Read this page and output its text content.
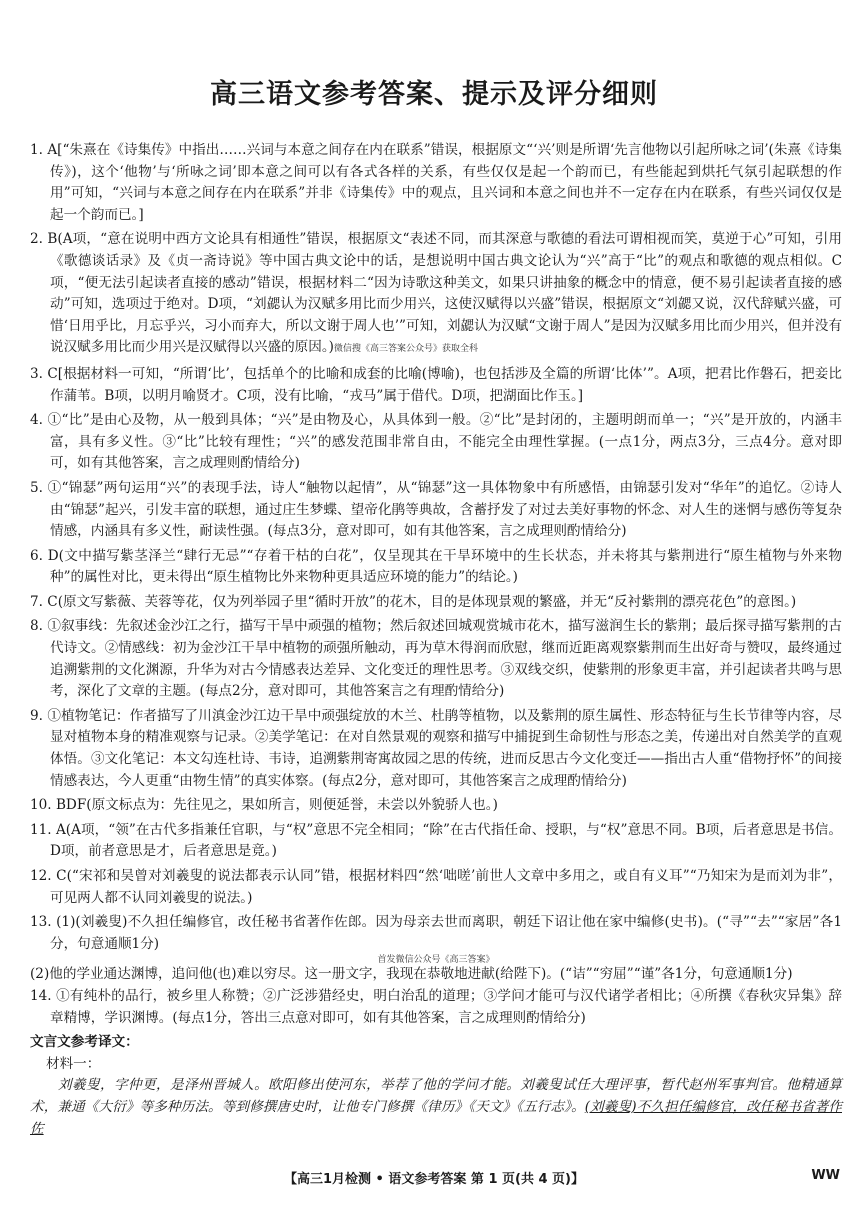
高三语文参考答案、提示及评分细则

1. A[“朱熹在《诗集传》中指出……兴词与本意之间存在内在联系”错误，根据原文“‘兴’则是所谓‘先言他物以引起所咏之词’(朱熹《诗集传》)，这个‘他物’与‘所咏之词’即本意之间可以有各式各样的关系，有些仅仅是起一个韵而已，有些能起到烘托气氛引起联想的作用”可知，“兴词与本意之间存在内在联系”并非《诗集传》中的观点，且兴词和本意之间也并不一定存在内在联系，有些兴词仅仅是起一个韵而已。]

2. B(A项，“意在说明中西方文论具有相通性”错误，根据原文“表述不同，而其深意与歌德的看法可谓相视而笑，莫逆于心”可知，引用《歌德谈话录》及《贞一斋诗说》等中国古典文论中的话，是想说明中国古典文论认为“兴”高于“比”的观点和歌德的观点相似。C项，“便无法引起读者直接的感动”错误，根据材料二“因为诗歌这种美文，如果只讲抽象的概念中的情意，便不易引起读者直接的感动”可知，选项过于绝对。D项，“刘勰认为汉赋多用比而少用兴，这使汉赋得以兴盛”错误，根据原文“刘勰又说，汉代辞赋兴盛，可惜‘日用乎比，月忘乎兴，习小而弃大，所以文谢于周人也’”可知，刘勰认为汉赋“文谢于周人”是因为汉赋多用比而少用兴，但并没有说汉赋多用比而少用兴是汉赋得以兴盛的原因。)微信搜《高三答案公众号》获取全科

3. C[根据材料一可知，“所谓‘比’，包括单个的比喻和成套的比喻(博喻)，也包括涉及全篇的所谓‘比体’”。A项，把君比作磐石，把妾比作蒲苇。B项，以明月喻贤才。C项，没有比喻，“戎马”属于借代。D项，把湖面比作玉。]

4. ①“比”是由心及物，从一般到具体；“兴”是由物及心，从具体到一般。②“比”是封闭的，主题明朗而单一；“兴”是开放的，内涵丰富，具有多义性。③“比”比较有理性；“兴”的感发范围非常自由，不能完全由理性掌握。(一点1分，两点3分，三点4分。意对即可，如有其他答案，言之成理则酌情给分)

5. ①“锦瑟”两句运用“兴”的表现手法，诗人“触物以起情”，从“锦瑟”这一具体物象中有所感悟，由锦瑟引发对“华年”的追忆。②诗人由“锦瑟”起兴，引发丰富的联想，通过庄生梦蝶、望帝化鹃等典故，含蓄抒发了对过去美好事物的怀念、对人生的迷惘与感伤等复杂情感，内涵具有多义性，耐读性强。(每点3分，意对即可，如有其他答案，言之成理则酌情给分)

6. D(文中描写紫茎泽兰“肆行无忌”“存着干枯的白花”，仅呈现其在干旱环境中的生长状态，并未将其与紫荆进行“原生植物与外来物种”的属性对比，更未得出“原生植物比外来物种更具适应环境的能力”的结论。)

7. C(原文写紫薇、芙蓉等花，仅为列举园子里“循时开放”的花木，目的是体现景观的繁盛，并无“反衬紫荆的漂亮花色”的意图。)

8. ①叙事线：先叙述金沙江之行，描写干旱中顽强的植物；然后叙述回城观赏城市花木，描写滋润生长的紫荆；最后探寻描写紫荆的古代诗文。②情感线：初为金沙江干旱中植物的顽强所触动，再为草木得润而欣慰，继而近距离观察紫荆而生出好奇与赞叹，最终通过追溯紫荆的文化渊源，升华为对古今情感表达差异、文化变迁的理性思考。③双线交织，使紫荆的形象更丰富，并引起读者共鸣与思考，深化了文章的主题。(每点2分，意对即可，其他答案言之有理酌情给分)

9. ①植物笔记：作者描写了川滇金沙江边干旱中顽强绽放的木兰、杜鹃等植物，以及紫荆的原生属性、形态特征与生长节律等内容，尽显对植物本身的精准观察与记录。②美学笔记：在对自然景观的观察和描写中捕捉到生命韧性与形态之美，传递出对自然美学的直观体悟。③文化笔记：本文勾连杜诗、韦诗，追溯紫荆寄寓故园之思的传统，进而反思古今文化变迁——指出古人重“借物抒怀”的间接情感表达，今人更重“由物生情”的真实体察。(每点2分，意对即可，其他答案言之成理酌情给分)

10. BDF(原文标点为：先往见之，果如所言，则便延誉，未尝以外貌骄人也。)

11. A(A项，“领”在古代多指兼任官职，与“权”意思不完全相同；“除”在古代指任命、授职，与“权”意思不同。B项，后者意思是书信。D项，前者意思是才，后者意思是竟。)

12. C(“宋祁和吴曾对刘羲叟的说法都表示认同”错，根据材料四“然‘咄嗟’前世人文章中多用之，或自有义耳”“乃知宋为是而刘为非”，可见两人都不认同刘羲叟的说法。)

13. (1)(刘羲叟)不久担任编修官，改任秘书省著作佐郎。因为母亲去世而离职，朝廷下诏让他在家中编修(史书)。(“寻”“去”“家居”各1分，句意通顺1分)

首发微信公众号《高三答案》

(2)他的学业通达渊博，追问他(也)难以穷尽。这一册文字，我现在恭敬地进献(给陛下)。(“诘”“穷屈”“谨”各1分，句意通顺1分)

14. ①有纯朴的品行，被乡里人称赞；②广泛涉猎经史，明白治乱的道理；③学问才能可与汉代诸学者相比；④所撰《春秋灾异集》辞章精博，学识渊博。(每点1分，答出三点意对即可，如有其他答案，言之成理则酌情给分)

文言文参考译文：

材料一：

刘羲叟，字仲更，是泽州晋城人。欧阳修出使河东，举荐了他的学问才能。刘羲叟试任大理评事，暂代赵州军事判官。他精通算术，兼通《大衍》等多种历法。等到修撰唐史时，让他专门修撰《律历》《天文》《五行志》。(刘羲叟)不久担任编修官，改任秘书省著作佐

【高三1月检测 • 语文参考答案 第 1 页(共 4 页)】	WW
